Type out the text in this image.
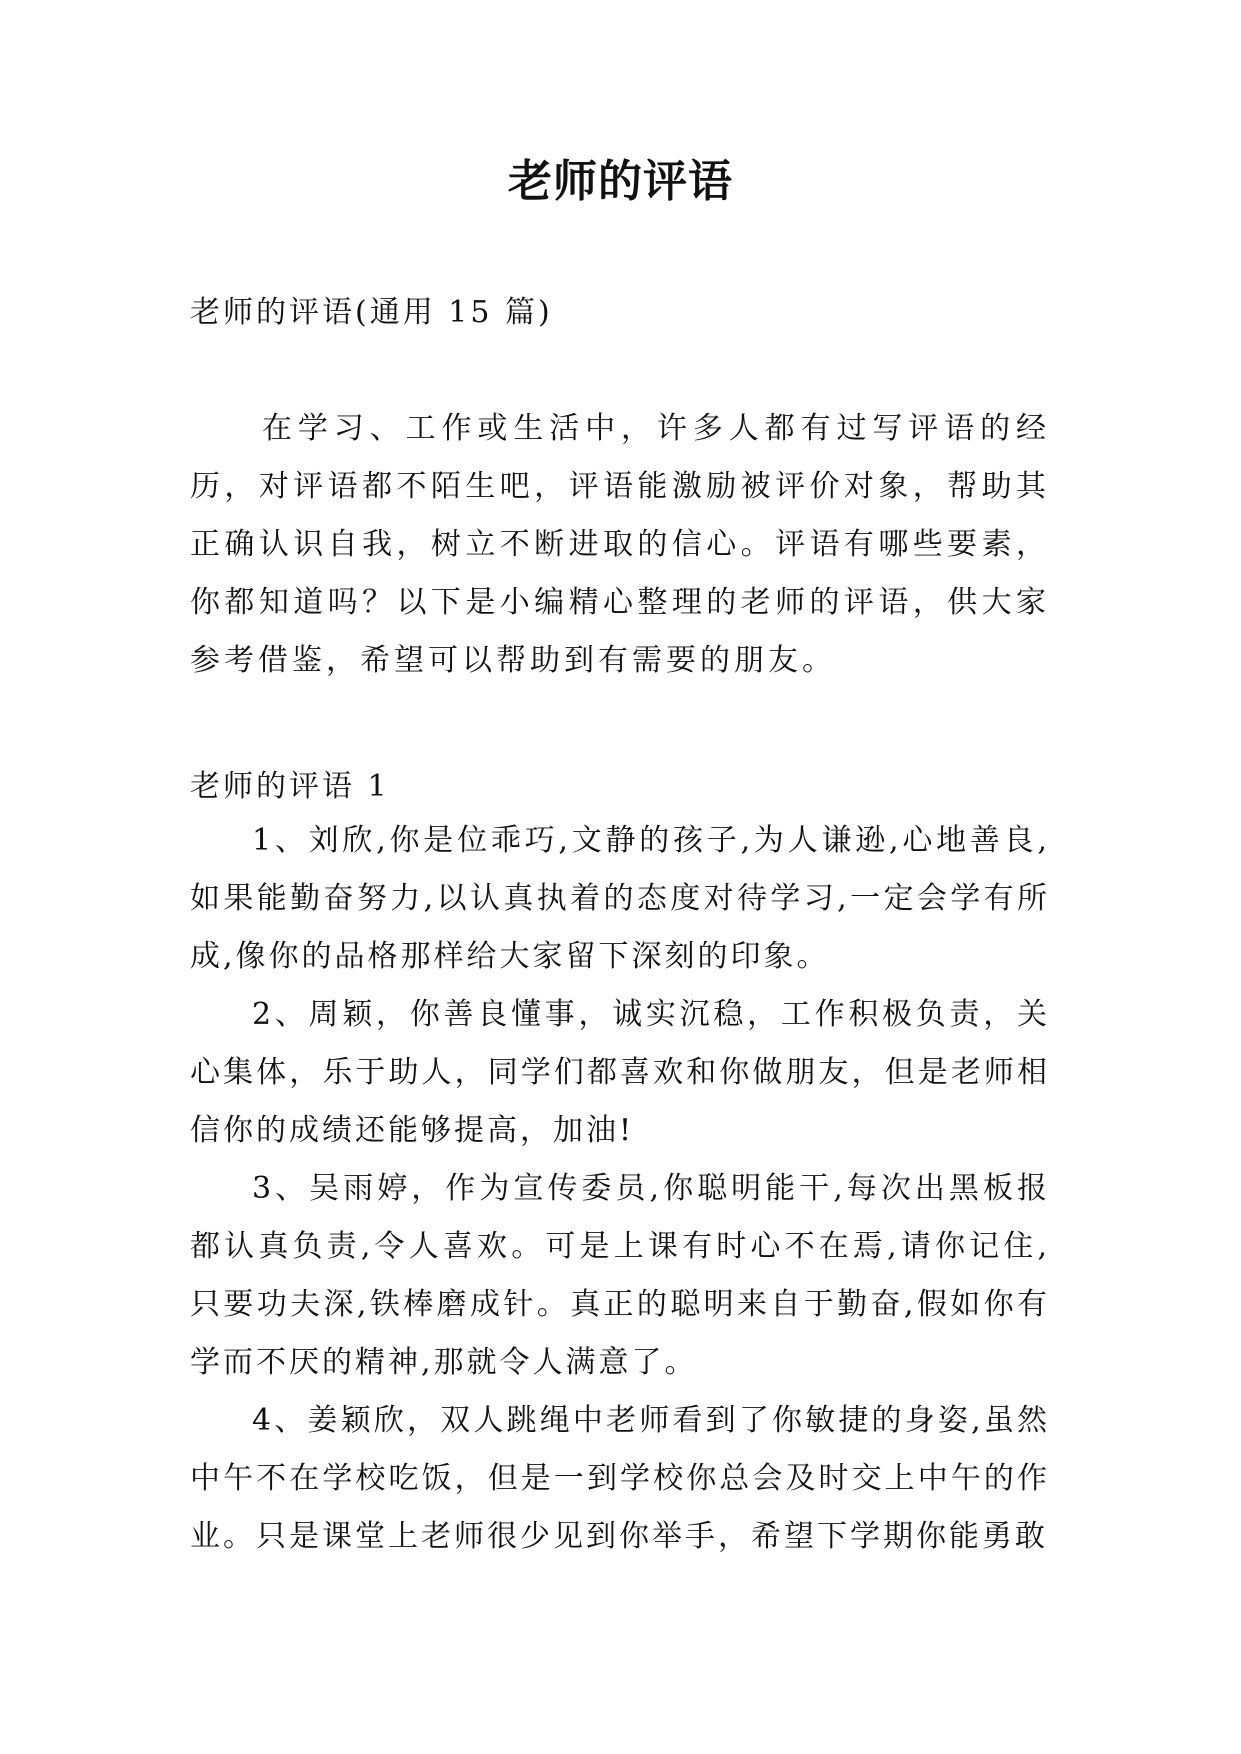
老师的评语

老师的评语(通用 15 篇)

在学习、工作或生活中，许多人都有过写评语的经历，对评语都不陌生吧，评语能激励被评价对象，帮助其正确认识自我，树立不断进取的信心。评语有哪些要素，你都知道吗？以下是小编精心整理的老师的评语，供大家参考借鉴，希望可以帮助到有需要的朋友。

老师的评语 1

1、刘欣,你是位乖巧,文静的孩子,为人谦逊,心地善良,如果能勤奋努力,以认真执着的态度对待学习,一定会学有所成,像你的品格那样给大家留下深刻的印象。

2、周颖，你善良懂事，诚实沉稳，工作积极负责，关心集体，乐于助人，同学们都喜欢和你做朋友，但是老师相信你的成绩还能够提高，加油!

3、吴雨婷，作为宣传委员,你聪明能干,每次出黑板报都认真负责,令人喜欢。可是上课有时心不在焉,请你记住,只要功夫深,铁棒磨成针。真正的聪明来自于勤奋,假如你有学而不厌的精神,那就令人满意了。

4、姜颖欣，双人跳绳中老师看到了你敏捷的身姿,虽然中午不在学校吃饭，但是一到学校你总会及时交上中午的作业。只是课堂上老师很少见到你举手，希望下学期你能勇敢
